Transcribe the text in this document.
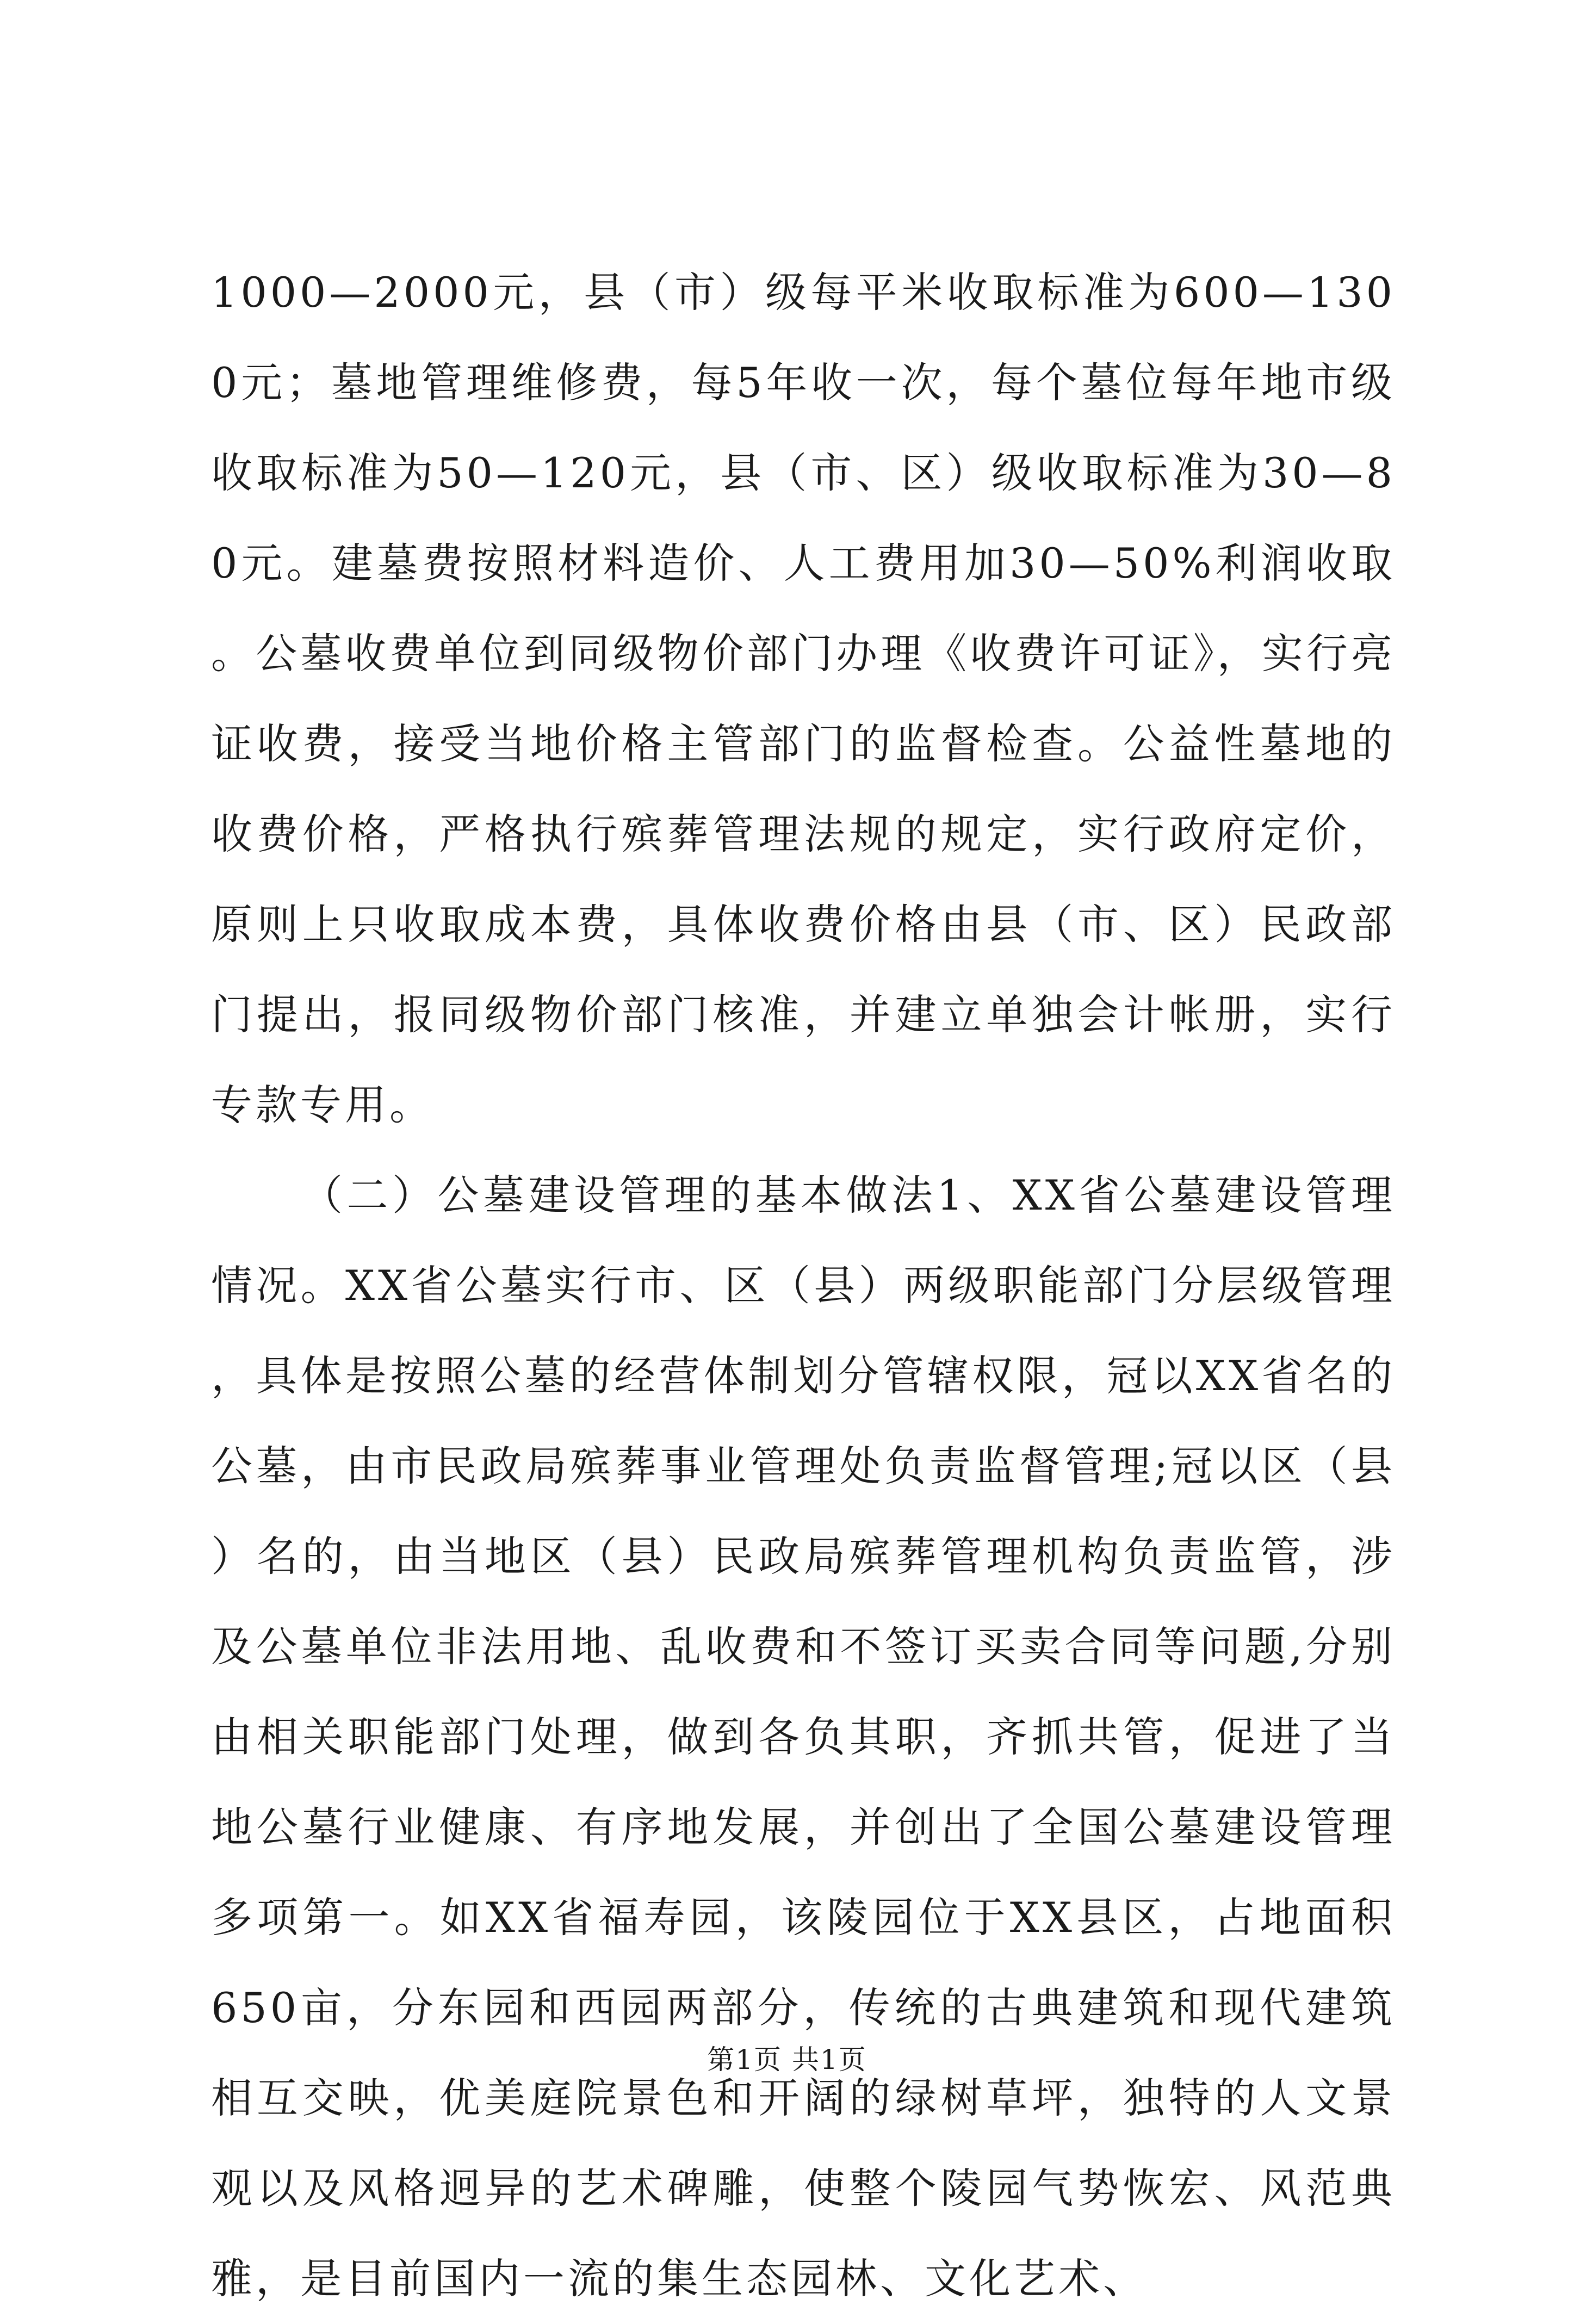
1000—2000元，县（市）级每平米收取标准为600—1300元；墓地管理维修费，每5年收一次，每个墓位每年地市级收取标准为50—120元，县（市、区）级收取标准为30—80元。建墓费按照材料造价、人工费用加30—50%利润收取。公墓收费单位到同级物价部门办理《收费许可证》，实行亮证收费，接受当地价格主管部门的监督检查。公益性墓地的收费价格，严格执行殡葬管理法规的规定，实行政府定价，原则上只收取成本费，具体收费价格由县（市、区）民政部门提出，报同级物价部门核准，并建立单独会计帐册，实行专款专用。

（二）公墓建设管理的基本做法1、XX省公墓建设管理情况。XX省公墓实行市、区（县）两级职能部门分层级管理，具体是按照公墓的经营体制划分管辖权限，冠以XX省名的公墓，由市民政局殡葬事业管理处负责监督管理;冠以区（县）名的，由当地区（县）民政局殡葬管理机构负责监管，涉及公墓单位非法用地、乱收费和不签订买卖合同等问题,分别由相关职能部门处理，做到各负其职，齐抓共管，促进了当地公墓行业健康、有序地发展，并创出了全国公墓建设管理多项第一。如XX省福寿园，该陵园位于XX县区，占地面积650亩，分东园和西园两部分，传统的古典建筑和现代建筑相互交映，优美庭院景色和开阔的绿树草坪，独特的人文景观以及风格迥异的艺术碑雕，使整个陵园气势恢宏、风范典雅，是目前国内一流的集生态园林、文化艺术、

第1页 共1页
